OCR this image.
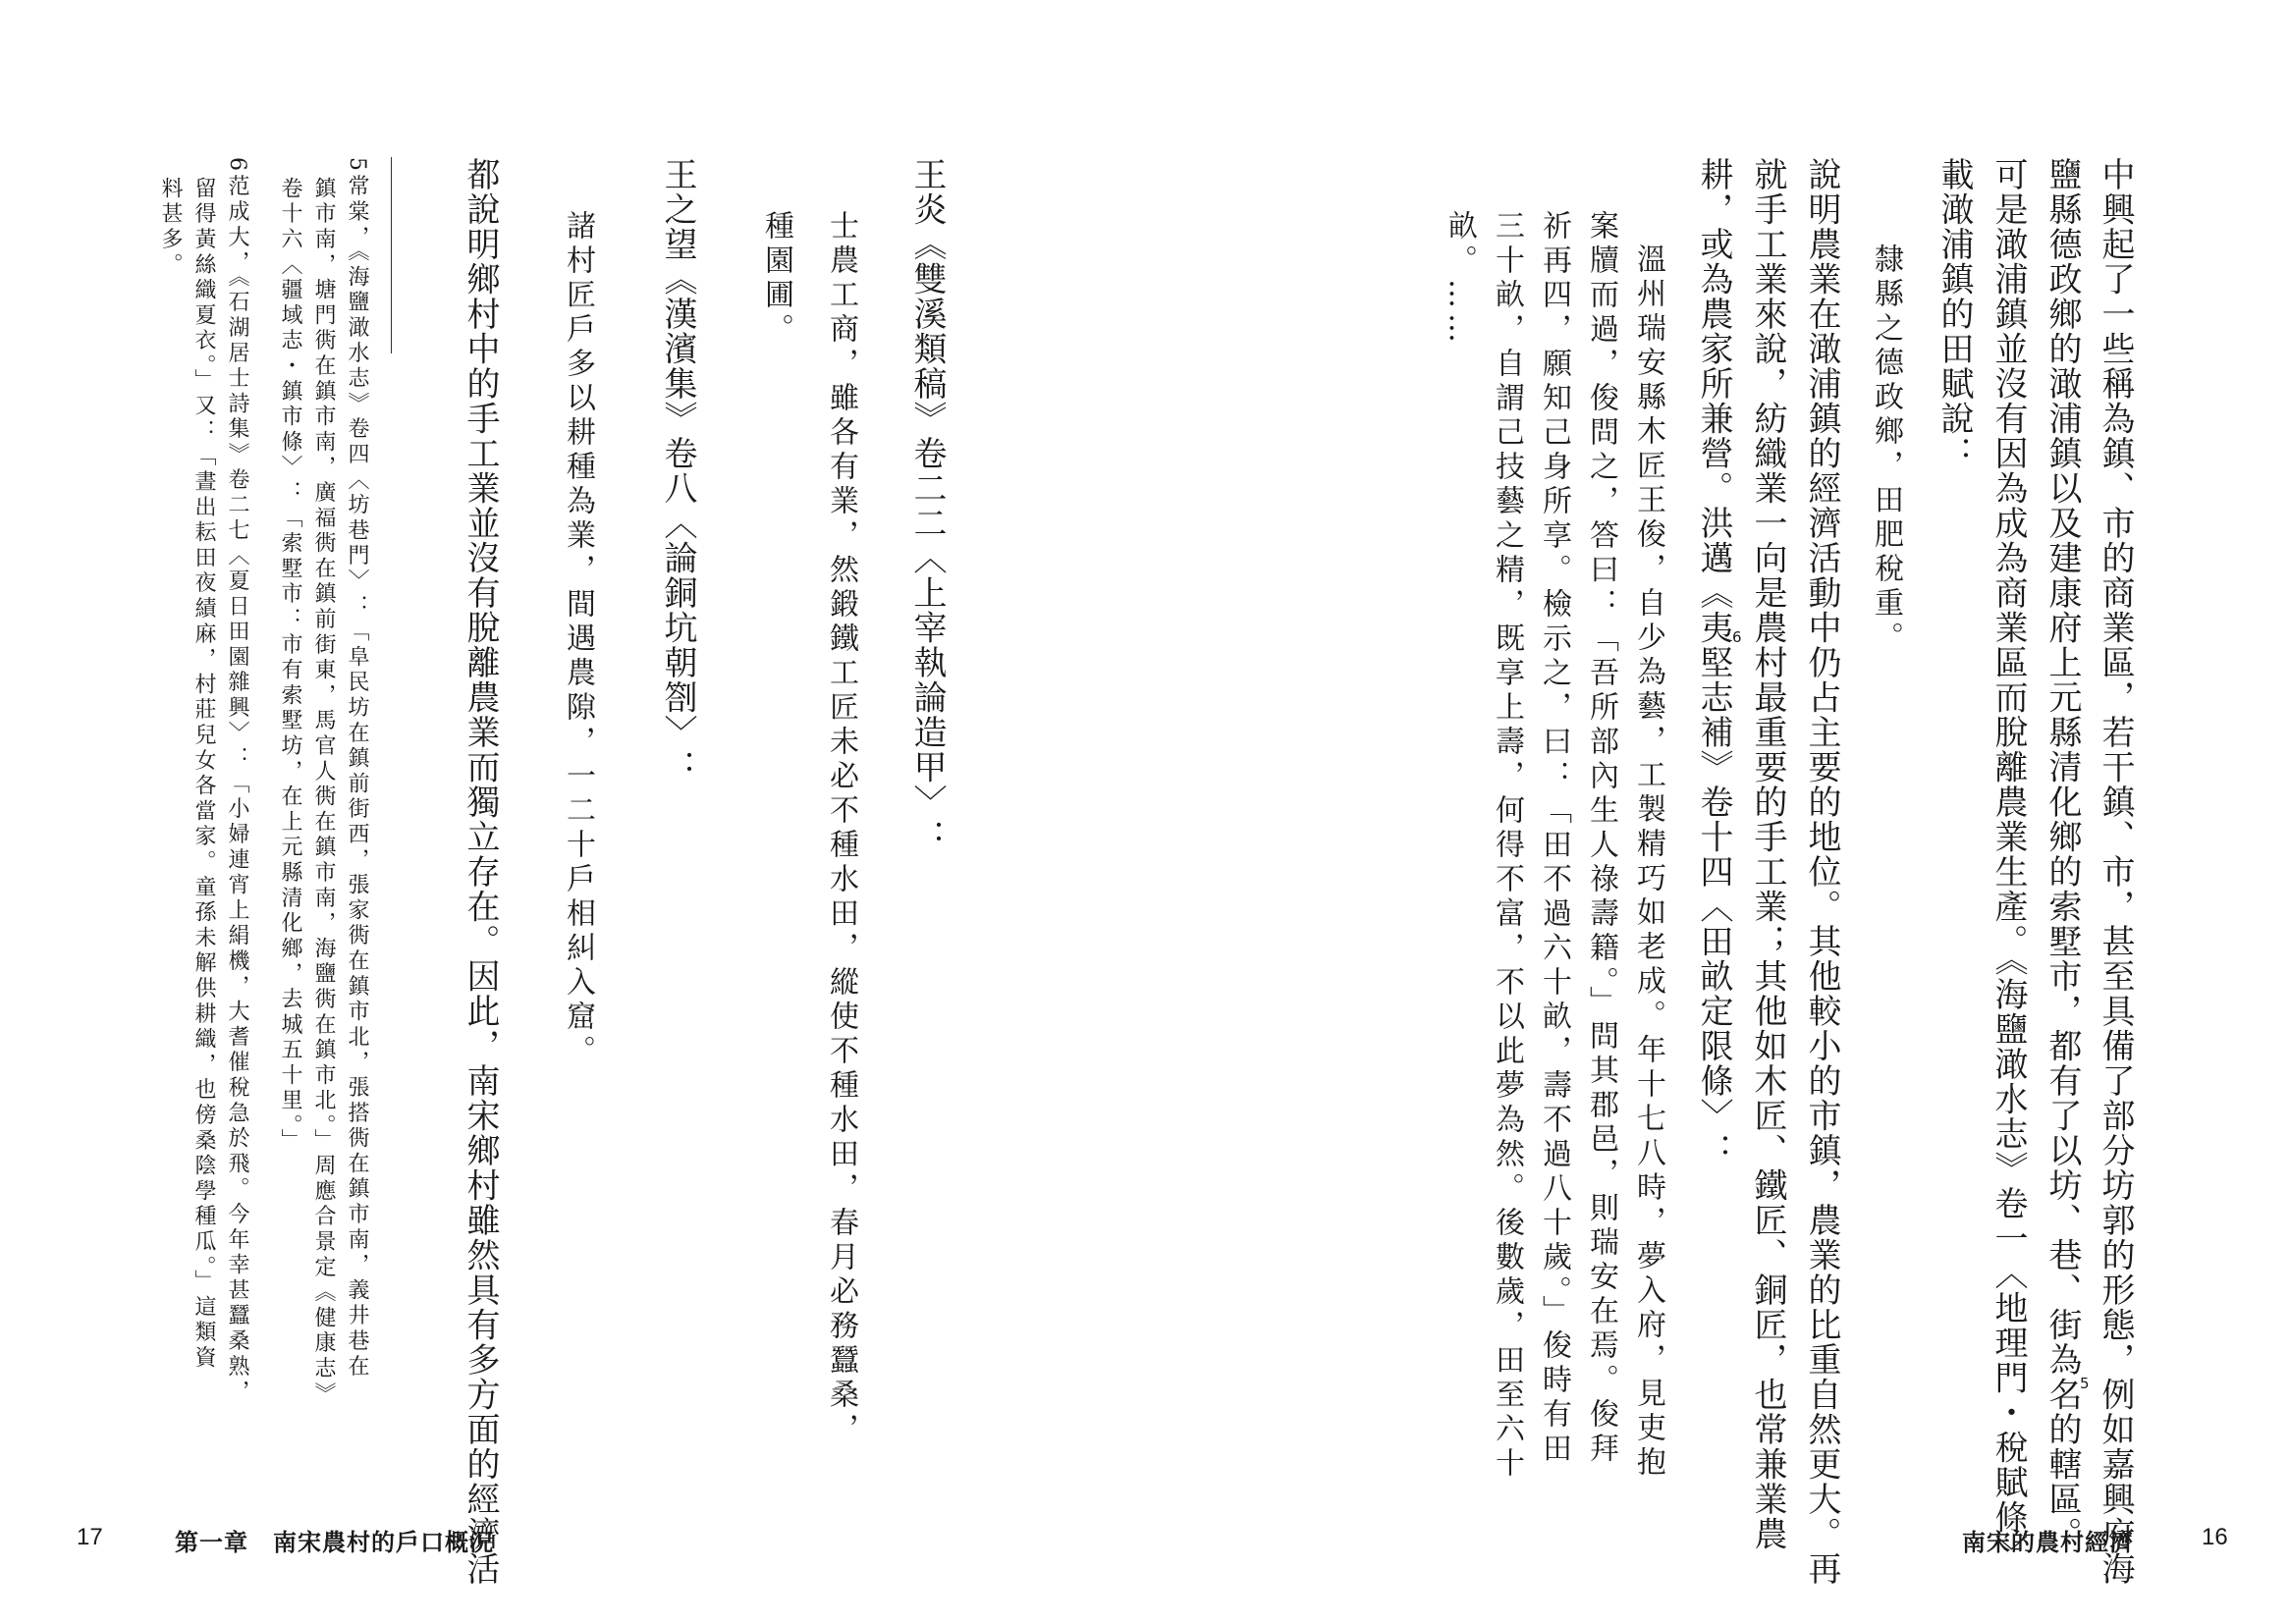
中興起了一些稱為鎮、市的商業區，若干鎮、市，甚至具備了部分坊郭的形態，例如嘉興府海
鹽縣德政鄉的澉浦鎮以及建康府上元縣清化鄉的索墅市，都有了以坊、巷、街為名的轄區。
可是澉浦鎮並沒有因為成為商業區而脫離農業生產。《海鹽澉水志》卷一〈地理門・稅賦條〉
載澉浦鎮的田賦說：
隸縣之德政鄉，田肥稅重。
說明農業在澉浦鎮的經濟活動中仍占主要的地位。其他較小的市鎮，農業的比重自然更大。再
就手工業來說，紡織業一向是農村最重要的手工業；其他如木匠、鐵匠、銅匠，也常兼業農
耕，或為農家所兼營。洪邁《夷堅志補》卷十四〈田畝定限條〉：
溫州瑞安縣木匠王俊，自少為藝，工製精巧如老成。年十七八時，夢入府，見吏抱
案牘而過，俊問之，答曰：「吾所部內生人祿壽籍。」問其郡邑，則瑞安在焉。俊拜
祈再四，願知己身所享。檢示之，曰：「田不過六十畝，壽不過八十歲。」俊時有田
三十畝，自謂己技藝之精，既享上壽，何得不富，不以此夢為然。後數歲，田至六十
畝。……
5
6
南宋的農村經濟	16
王炎《雙溪類稿》卷二二〈上宰執論造甲〉：
士農工商，雖各有業，然鍛鐵工匠未必不種水田，縱使不種水田，春月必務蠶桑，
種園圃。
王之望《漢濱集》卷八〈論銅坑朝劄〉：
諸村匠戶多以耕種為業，間遇農隙，一二十戶相糾入窟。
都說明鄉村中的手工業並沒有脫離農業而獨立存在。因此，南宋鄉村雖然具有多方面的經濟活
5常棠，《海鹽澉水志》卷四〈坊巷門〉：「阜民坊在鎮前街西，張家衖在鎮市北，張搭衖在鎮市南，義井巷在
鎮市南，塘門衖在鎮市南，廣福衖在鎮前街東，馬官人衖在鎮市南，海鹽衖在鎮市北。」周應合景定《健康志》
卷十六〈疆域志・鎮市條〉：「索墅市：市有索墅坊，在上元縣清化鄉，去城五十里。」
6范成大，《石湖居士詩集》卷二七〈夏日田園雜興〉：「小婦連宵上絹機，大耆催稅急於飛。今年幸甚蠶桑熟，
留得黃絲織夏衣。」又：「晝出耘田夜績麻，村莊兒女各當家。童孫未解供耕織，也傍桑陰學種瓜。」這類資
料甚多。
17	第一章　南宋農村的戶口概況
